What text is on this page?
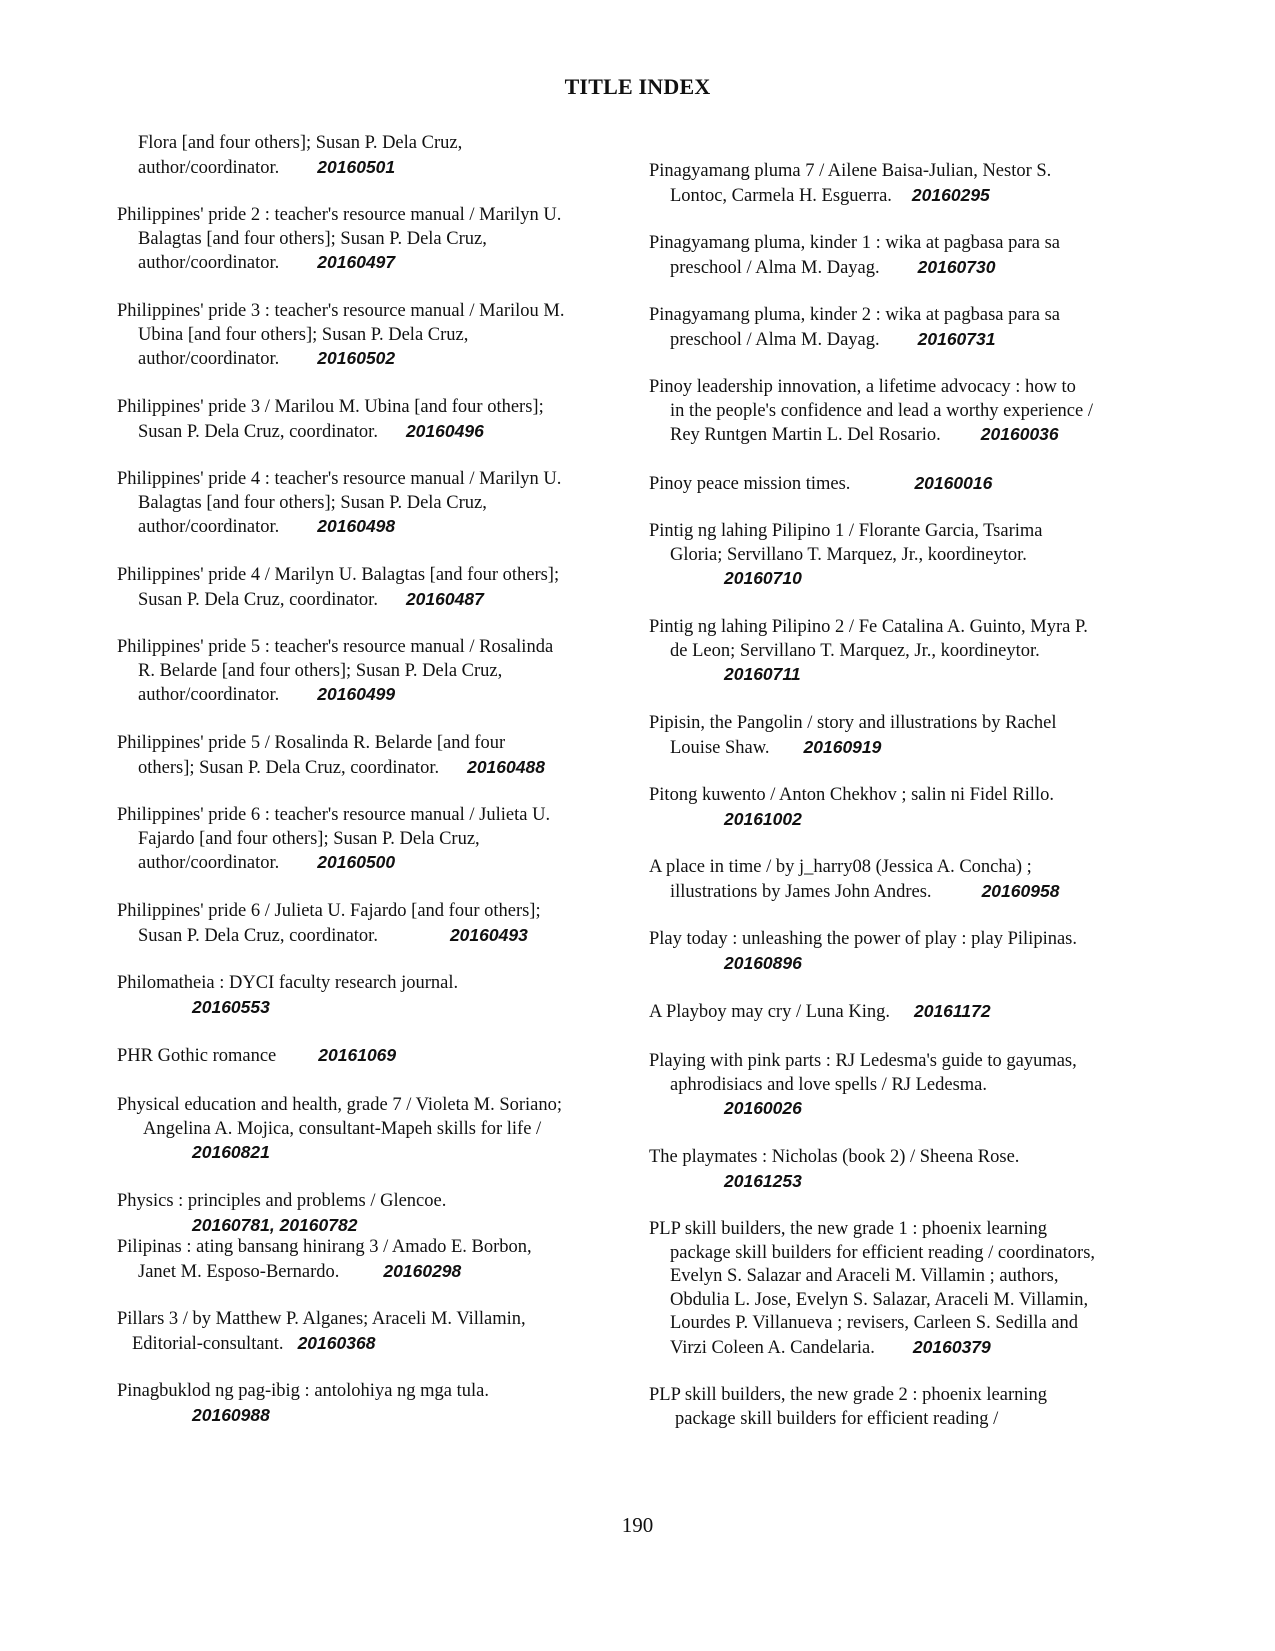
TITLE INDEX
Flora [and four others]; Susan P. Dela Cruz,
author/coordinator. 20160501
Philippines' pride 2 : teacher's resource manual / Marilyn U.
Balagtas [and four others]; Susan P. Dela Cruz,
author/coordinator. 20160497
Philippines' pride 3 : teacher's resource manual / Marilou M.
Ubina [and four others]; Susan P. Dela Cruz,
author/coordinator. 20160502
Philippines' pride 3 / Marilou M. Ubina [and four others];
Susan P. Dela Cruz, coordinator. 20160496
Philippines' pride 4 : teacher's resource manual / Marilyn U.
Balagtas [and four others]; Susan P. Dela Cruz,
author/coordinator. 20160498
Philippines' pride 4 / Marilyn U. Balagtas [and four others];
Susan P. Dela Cruz, coordinator. 20160487
Philippines' pride 5 : teacher's resource manual / Rosalinda
R. Belarde [and four others]; Susan P. Dela Cruz,
author/coordinator. 20160499
Philippines' pride 5 / Rosalinda R. Belarde [and four
others]; Susan P. Dela Cruz, coordinator. 20160488
Philippines' pride 6 : teacher's resource manual / Julieta U.
Fajardo [and four others]; Susan P. Dela Cruz,
author/coordinator. 20160500
Philippines' pride 6 / Julieta U. Fajardo [and four others];
Susan P. Dela Cruz, coordinator.	20160493
Philomatheia : DYCI faculty research journal.
20160553
PHR Gothic romance 20161069
Physical education and health, grade 7 / Violeta M. Soriano;
Angelina A. Mojica, consultant-Mapeh skills for life /
20160821
Physics : principles and problems / Glencoe.
20160781, 20160782
Pilipinas : ating bansang hinirang 3 / Amado E. Borbon,
Janet M. Esposo-Bernardo.	20160298
Pillars 3 / by Matthew P. Alganes; Araceli M. Villamin,
Editorial-consultant. 20160368
Pinagbuklod ng pag-ibig : antolohiya ng mga tula.
20160988
Pinagyamang pluma 7 / Ailene Baisa-Julian, Nestor S.
Lontoc, Carmela H. Esguerra. 20160295
Pinagyamang pluma, kinder 1 : wika at pagbasa para sa
preschool / Alma M. Dayag. 20160730
Pinagyamang pluma, kinder 2 : wika at pagbasa para sa
preschool / Alma M. Dayag. 20160731
Pinoy leadership innovation, a lifetime advocacy : how to
in the people's confidence and lead a worthy experience /
Rey Runtgen Martin L. Del Rosario. 20160036
Pinoy peace mission times.	20160016
Pintig ng lahing Pilipino 1 / Florante Garcia, Tsarima
Gloria; Servillano T. Marquez, Jr., koordineytor.
20160710
Pintig ng lahing Pilipino 2 / Fe Catalina A. Guinto, Myra P.
de Leon; Servillano T. Marquez, Jr., koordineytor.
20160711
Pipisin, the Pangolin / story and illustrations by Rachel
Louise Shaw. 20160919
Pitong kuwento / Anton Chekhov ; salin ni Fidel Rillo.
20161002
A place in time / by j_harry08 (Jessica A. Concha) ;
illustrations by James John Andres.	20160958
Play today : unleashing the power of play : play Pilipinas.
20160896
A Playboy may cry / Luna King. 20161172
Playing with pink parts : RJ Ledesma's guide to gayumas,
aphrodisiacs and love spells / RJ Ledesma.
20160026
The playmates : Nicholas (book 2) / Sheena Rose.
20161253
PLP skill builders, the new grade 1 : phoenix learning
package skill builders for efficient reading / coordinators,
Evelyn S. Salazar and Araceli M. Villamin ; authors,
Obdulia L. Jose, Evelyn S. Salazar, Araceli M. Villamin,
Lourdes P. Villanueva ; revisers, Carleen S. Sedilla and
Virzi Coleen A. Candelaria. 20160379
PLP skill builders, the new grade 2 : phoenix learning
package skill builders for efficient reading /
190
